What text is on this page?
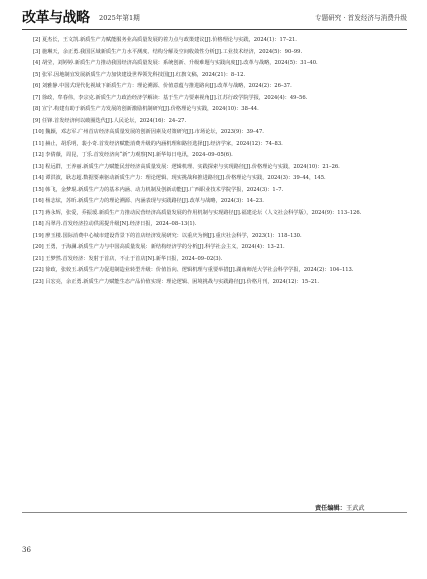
改革与战略 2025年第1期	专题研究 · 首发经济与消费升级

[2] 夏杰长，王文凯.新质生产力赋能服务业高质量发展的着力点与政策建议[J].价格理论与实践，2024(1)：17–21.

[3] 施琳天，余正勇.我国区域新质生产力水平测度、结构分解及空间收敛性分析[J].工业技术经济，2024(5)：90–99.

[4] 胡莹，刘婷婷.新质生产力推动我国经济高质量发展：系统创新、升级难题与实践向度[J].改革与战略，2024(5)：31–40.

[5] 张军.因地制宜发展新质生产力加快建设世界领先科技国[J].红旗文稿，2024(21)：8–12.

[6] 刘雅静.中国式现代化视域下新质生产力：理论溯源、价值意蕴与推进路向[J].改革与战略，2024(2)：26–37.

[7] 徐政，牟春伟，李宗克.新质生产力政治经济学解读：基于生产力要素视角[J].江苏行政学院学报，2024(4)：49–56.

[8] 宣宁.构建有助于新质生产力发展的创新激励机制研究[J].价格理论与实践，2024(10)：38–44.

[9] 任锋.首发经济何以破圈迭代[J].人民论坛，2024(16)：24–27.

[10] 魏颖，邓志军.广州首店经济高质量发展的创新因素及对策研究[J].市场论坛，2023(9)：39–47.

[11] 赫止，胡乐明，裴小奇.首发经济赋能消费升级的内涵机理和路径选择[J].经济学家，2024(12)：74–83.

[12] 李倩薇，周昆，丁乐.首发经济向“新”力观察[N].新华每日电讯，2024–09–05(6).

[13] 程远群，王养丽.新质生产力赋能民营经济高质量发展：逻辑机理、实践探索与实现路径[J].价格理论与实践，2024(10)：21–26.

[14] 谭洪波，耿志超.数据要素驱动新质生产力：理论逻辑、现实挑战和推进路径[J].价格理论与实践，2024(3)：39–44，145.

[15] 韩飞，金梦琨.新质生产力的基本内涵、动力机制及创新动能[J].广西职业技术学院学报，2024(3)：1–7.

[16] 杨志炫，苏昕.新质生产力的理论溯源、内涵表现与实践路径[J].改革与战略，2024(3)：14–23.

[17] 蒋永辉，张爱，乔振瑗.新质生产力推动民营经济高质量发展的作用机制与实现路径[J].福建论坛（人文社会科学版），2024(9)：113–126.

[18] 冯翠丹.首发经济拉动供需提升级[N].经济日报，2024–08–13(1).

[19] 廖玉楼.国际消费中心城市建设背景下的首店经济发展研究：以重庆为例[J].重庆社会科学，2023(1)：118–130.

[20] 王勇，于海澜.新质生产力与中国高质量发展：新结构经济学的分析[J].科学社会主义，2024(4)：13–21.

[21] 王梦然.首发经济：发射于首店，不止于首店[N].新华日报，2024–09–02(3).

[22] 徐政，张姣玉.新质生产力促进制造业转型升级：价值旨向、逻辑机理与重要举措[J].湖南师范大学社会科学学报，2024(2)：104–113.

[23] 吕宏亮，余正勇.新质生产力赋能生态产品价值实现：理论逻辑、困境挑战与实践路径[J].价格月刊，2024(12)：15–21.

责任编辑：王武武
36
